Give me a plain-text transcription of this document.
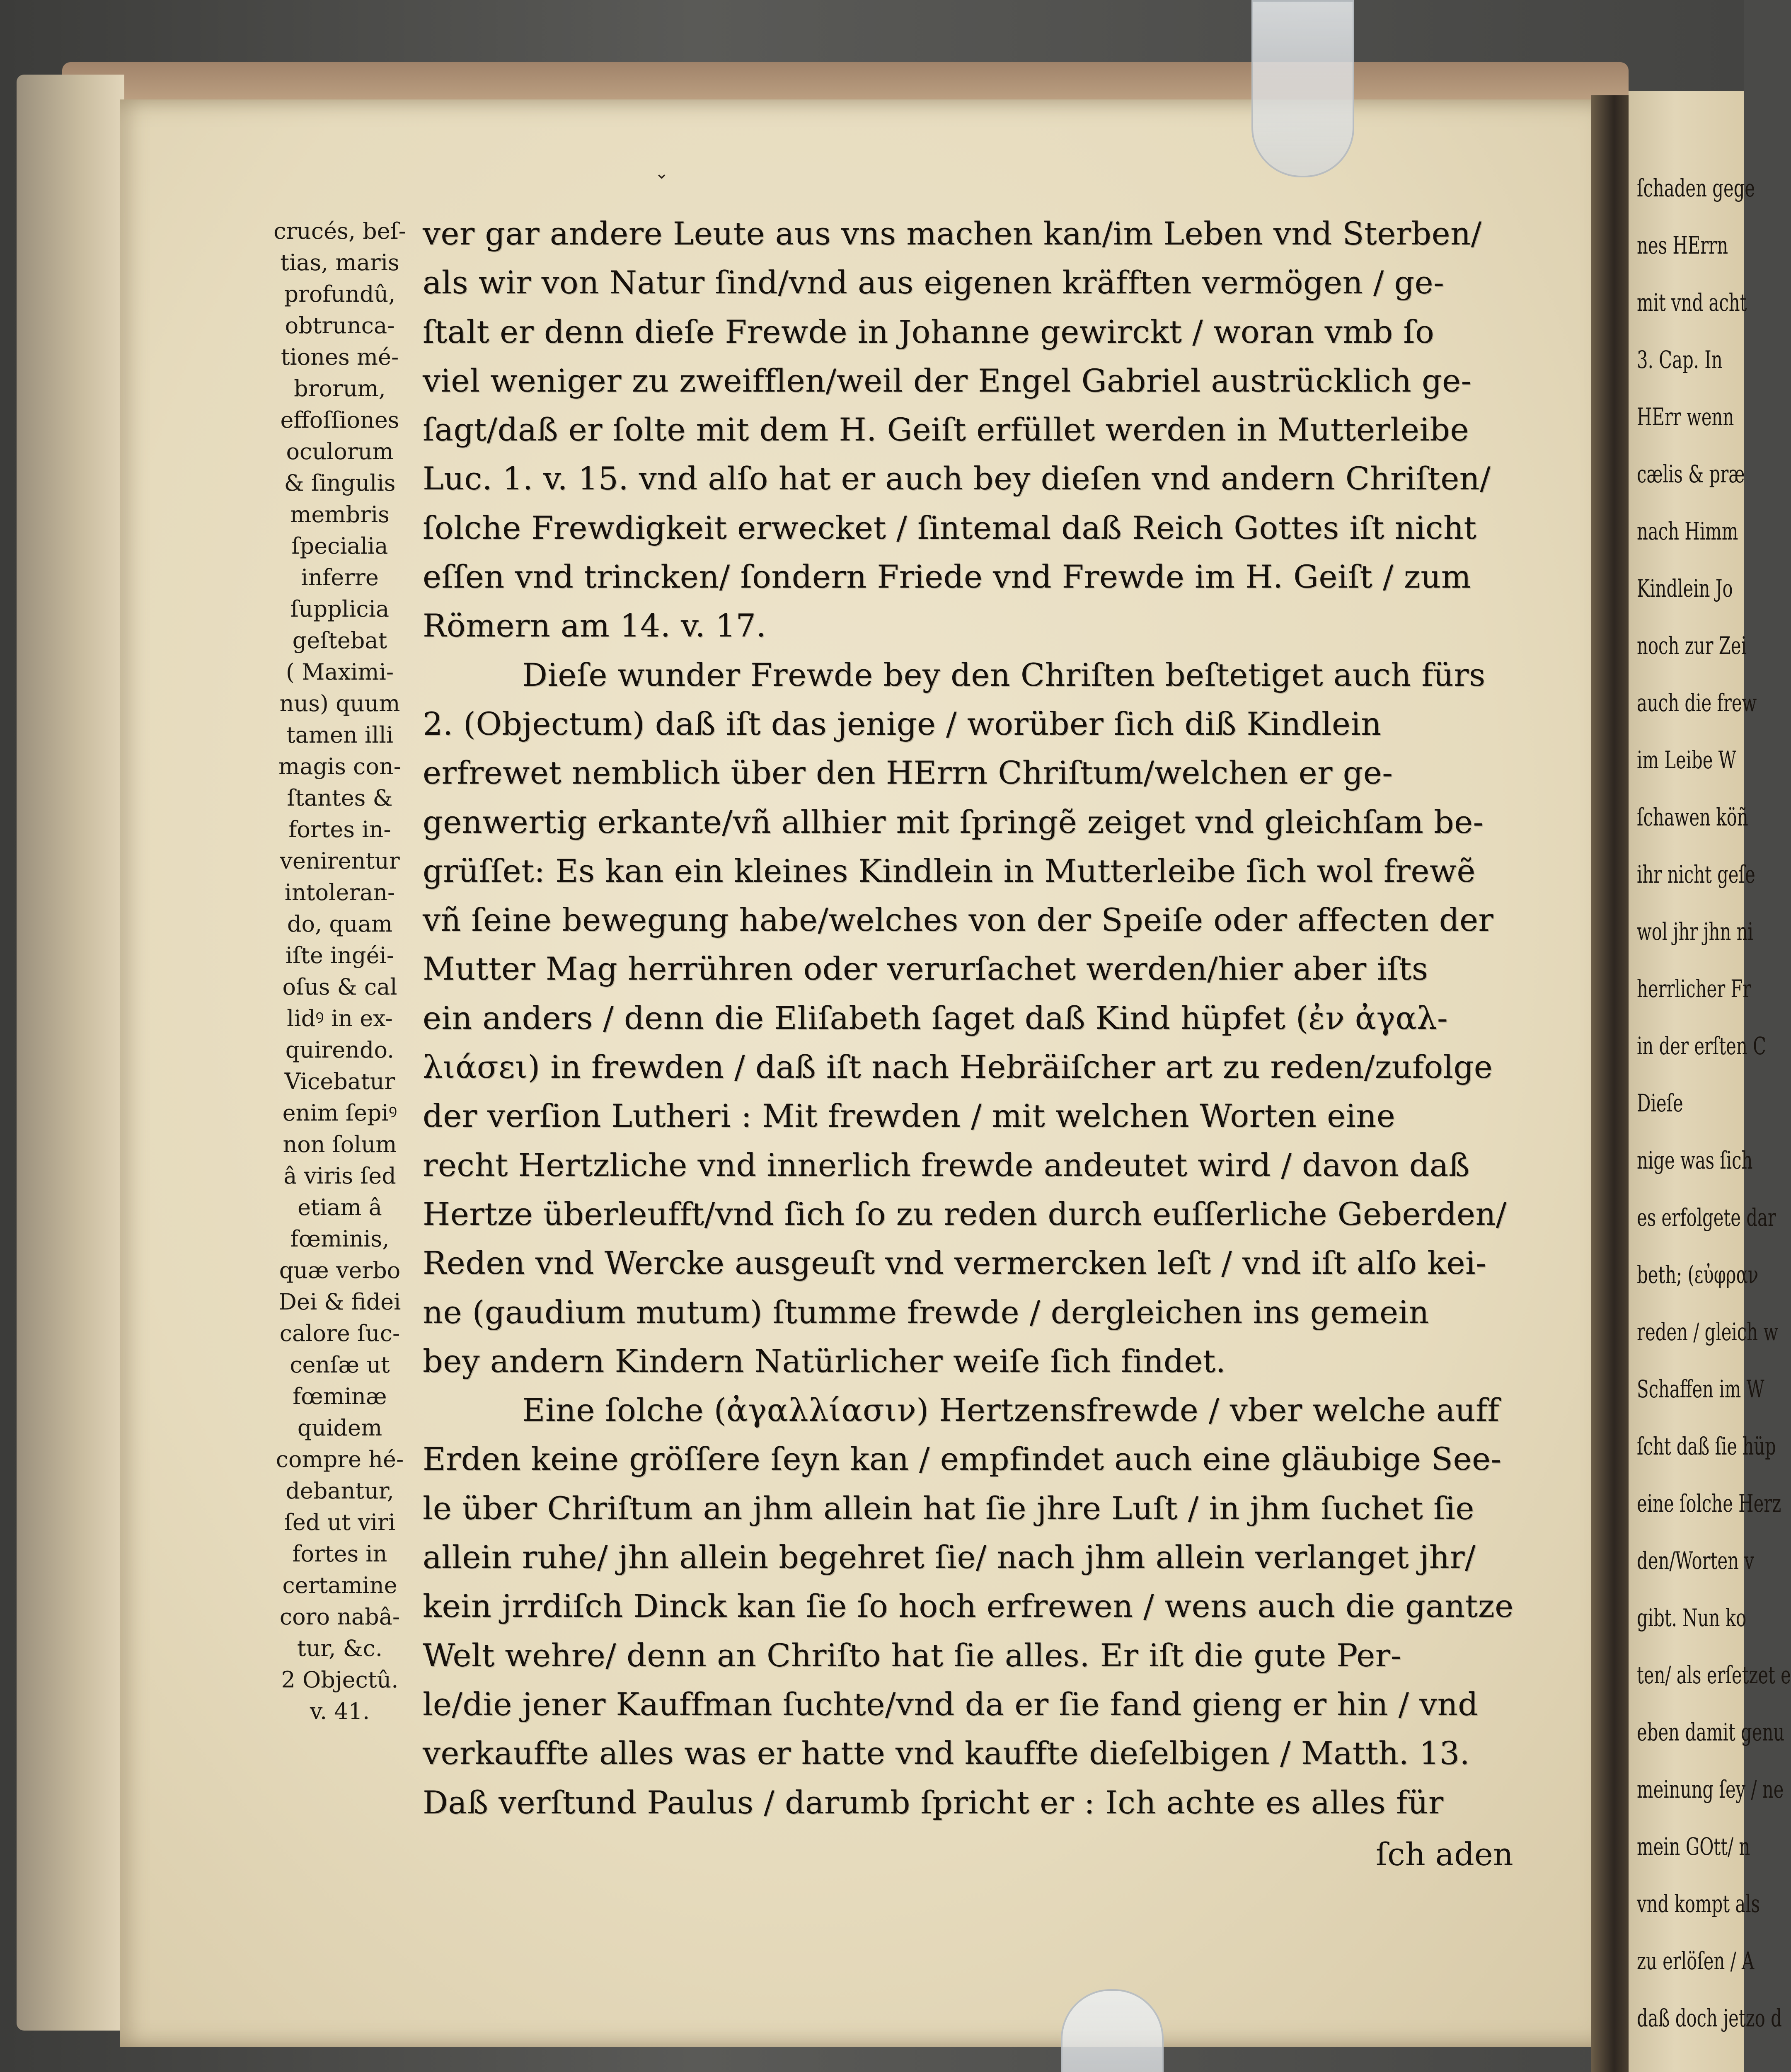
ſchaden gege
nes HErrn
mit vnd acht
3. Cap. In
HErr wenn
cælis & præ
nach Himm
Kindlein Jo
noch zur Zei
auch die frew
im Leibe W
ſchawen köñ
ihr nicht geſe
wol jhr jhn ni
herrlicher Fr
in der erſten C
Dieſe
nige was ſich
es erfolgete dar
beth; (εὐφραν
reden / gleich w
Schaffen im W
ſcht daß ſie hüp
eine ſolche Herz
den/Worten v
gibt. Nun ko
ten/ als erſetzet e
eben damit genu
meinung ſey / ne
mein GOtt/ n
vnd kompt als
zu erlöſen / A
daß doch jetzo d
⌄
crucés, beſ-
tias, maris
profundû,
obtrunca-
tiones mé-
brorum,
effoſſiones
oculorum
& ſingulis
membris
ſpecialia
inferre
ſupplicia
geſtebat
( Maximi-
nus) quum
tamen illi
magis con-
ſtantes &
fortes in-
venirentur
intoleran-
do, quam
iſte ingéi-
oſus & cal
lidꝰ in ex-
quirendo.
Vicebatur
enim ſepiꝰ
non ſolum
â viris ſed
etiam â
fœminis,
quæ verbo
Dei & fidei
calore ſuc-
cenſæ ut
fœminæ
quidem
compre hé-
debantur,
ſed ut viri
fortes in
certamine
coro nabâ-
tur, &c.
2 Objectû.
v. 41.
ver gar andere Leute aus vns machen kan/im Leben vnd Sterben/
als wir von Natur ſind/vnd aus eigenen kräfften vermögen / ge-
ſtalt er denn dieſe Frewde in Johanne gewirckt / woran vmb ſo
viel weniger zu zweifflen/weil der Engel Gabriel austrücklich ge-
ſagt/daß er ſolte mit dem H. Geiſt erfüllet werden in Mutterleibe
Luc. 1. v. 15. vnd alſo hat er auch bey dieſen vnd andern Chriſten/
ſolche Frewdigkeit erwecket / ſintemal daß Reich Gottes iſt nicht
eſſen vnd trincken/ ſondern Friede vnd Frewde im H. Geiſt / zum
Römern am 14. v. 17.
Dieſe wunder Frewde bey den Chriſten beſtetiget auch fürs
2. (Objectum) daß iſt das jenige / worüber ſich diß Kindlein
erfrewet nemblich über den HErrn Chriſtum/welchen er ge-
genwertig erkante/vñ allhier mit ſpringẽ zeiget vnd gleichſam be-
grüſſet: Es kan ein kleines Kindlein in Mutterleibe ſich wol frewẽ
vñ ſeine bewegung habe/welches von der Speiſe oder affecten der
Mutter Mag herrühren oder verurſachet werden/hier aber iſts
ein anders / denn die Eliſabeth ſaget daß Kind hüpfet (ἐν ἀγαλ-
λιάσει) in frewden / daß iſt nach Hebräiſcher art zu reden/zufolge
der verſion Lutheri : Mit frewden / mit welchen Worten eine
recht Hertzliche vnd innerlich frewde andeutet wird / davon daß
Hertze überleufft/vnd ſich ſo zu reden durch euſſerliche Geberden/
Reden vnd Wercke ausgeuſt vnd vermercken leſt / vnd iſt alſo kei-
ne (gaudium mutum) ſtumme frewde / dergleichen ins gemein
bey andern Kindern Natürlicher weiſe ſich findet.
Eine ſolche (ἀγαλλίασιν) Hertzensfrewde / vber welche auff
Erden keine gröſſere ſeyn kan / empfindet auch eine gläubige See-
le über Chriſtum an jhm allein hat ſie jhre Luſt / in jhm ſuchet ſie
allein ruhe/ jhn allein begehret ſie/ nach jhm allein verlanget jhr/
kein jrrdiſch Dinck kan ſie ſo hoch erfrewen / wens auch die gantze
Welt wehre/ denn an Chriſto hat ſie alles. Er iſt die gute Per-
le/die jener Kauffman ſuchte/vnd da er ſie fand gieng er hin / vnd
verkauffte alles was er hatte vnd kauffte dieſelbigen / Matth. 13.
Daß verſtund Paulus / darumb ſpricht er : Ich achte es alles für
ſch aden
